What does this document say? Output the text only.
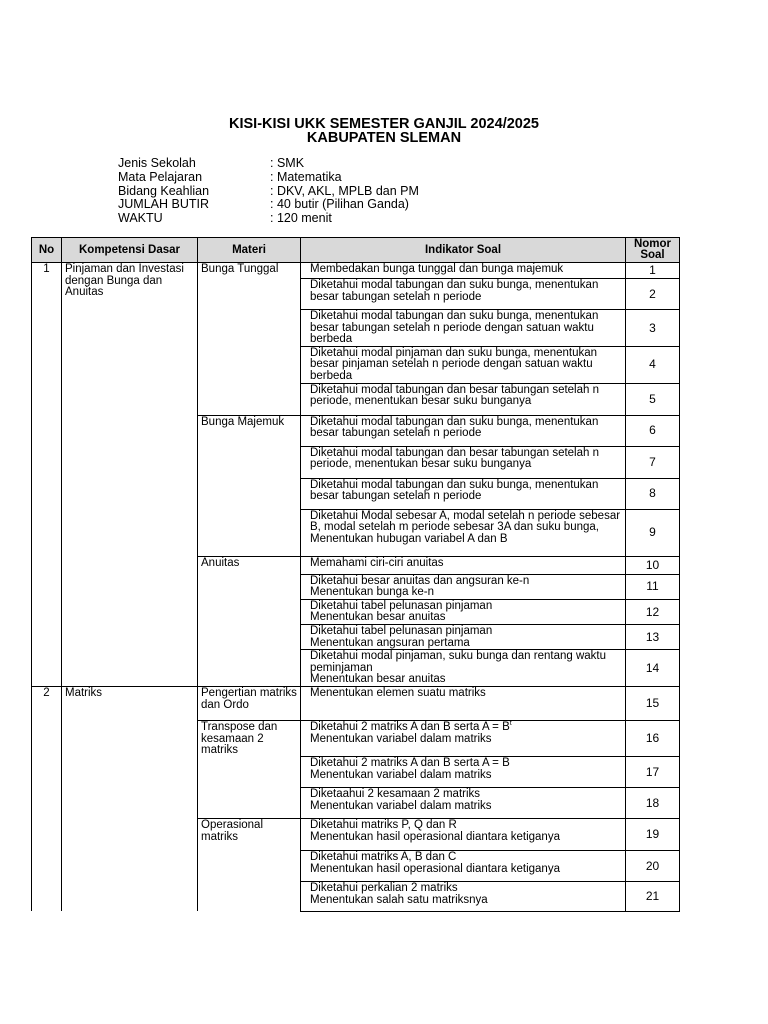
KISI-KISI UKK SEMESTER GANJIL 2024/2025
KABUPATEN SLEMAN
Jenis Sekolah	: SMK
Mata Pelajaran	: Matematika
Bidang Keahlian	: DKV, AKL, MPLB dan PM
JUMLAH BUTIR	: 40 butir (Pilihan Ganda)
WAKTU	: 120 menit
No	Kompetensi Dasar	Materi	Indikator Soal	Nomor Soal
1	Pinjaman dan Investasi dengan Bunga dan Anuitas	Bunga Tunggal	Membedakan bunga tunggal dan bunga majemuk	1
			Diketahui modal tabungan dan suku bunga, menentukan besar tabungan setelah n periode	2
			Diketahui modal tabungan dan suku bunga, menentukan besar tabungan setelah n periode dengan satuan waktu berbeda	3
			Diketahui modal pinjaman dan suku bunga, menentukan besar pinjaman setelah n periode dengan satuan waktu berbeda	4
			Diketahui modal tabungan dan besar tabungan setelah n periode, menentukan besar suku bunganya	5
		Bunga Majemuk	Diketahui modal tabungan dan suku bunga, menentukan besar tabungan setelah n periode	6
			Diketahui modal tabungan dan besar tabungan setelah n periode, menentukan besar suku bunganya	7
			Diketahui modal tabungan dan suku bunga, menentukan besar tabungan setelah n periode	8
			Diketahui Modal sebesar A, modal setelah n periode sebesar B, modal setelah m periode sebesar 3A dan suku bunga,
Menentukan hubugan variabel A dan B	9
		Anuitas	Memahami ciri-ciri anuitas	10
			Diketahui besar anuitas dan angsuran ke-n
Menentukan bunga ke-n	11
			Diketahui tabel pelunasan pinjaman
Menentukan besar anuitas	12
			Diketahui tabel pelunasan pinjaman
Menentukan angsuran pertama	13
			Diketahui modal pinjaman, suku bunga dan rentang waktu peminjaman
Menentukan besar anuitas	14
2	Matriks	Pengertian matriks dan Ordo	Menentukan elemen suatu matriks	15
		Transpose dan kesamaan 2 matriks	Diketahui 2 matriks A dan B serta $A = B^t$
Menentukan variabel dalam matriks	16
			Diketahui 2 matriks A dan B serta A = B
Menentukan variabel dalam matriks	17
			Diketaahui 2 kesamaan 2 matriks
Menentukan variabel dalam matriks	18
		Operasional matriks	Diketahui matriks P, Q dan R
Menentukan hasil operasional diantara ketiganya	19
			Diketahui matriks A, B dan C
Menentukan hasil operasional diantara ketiganya	20
			Diketahui perkalian 2 matriks
Menentukan salah satu matriksnya	21
